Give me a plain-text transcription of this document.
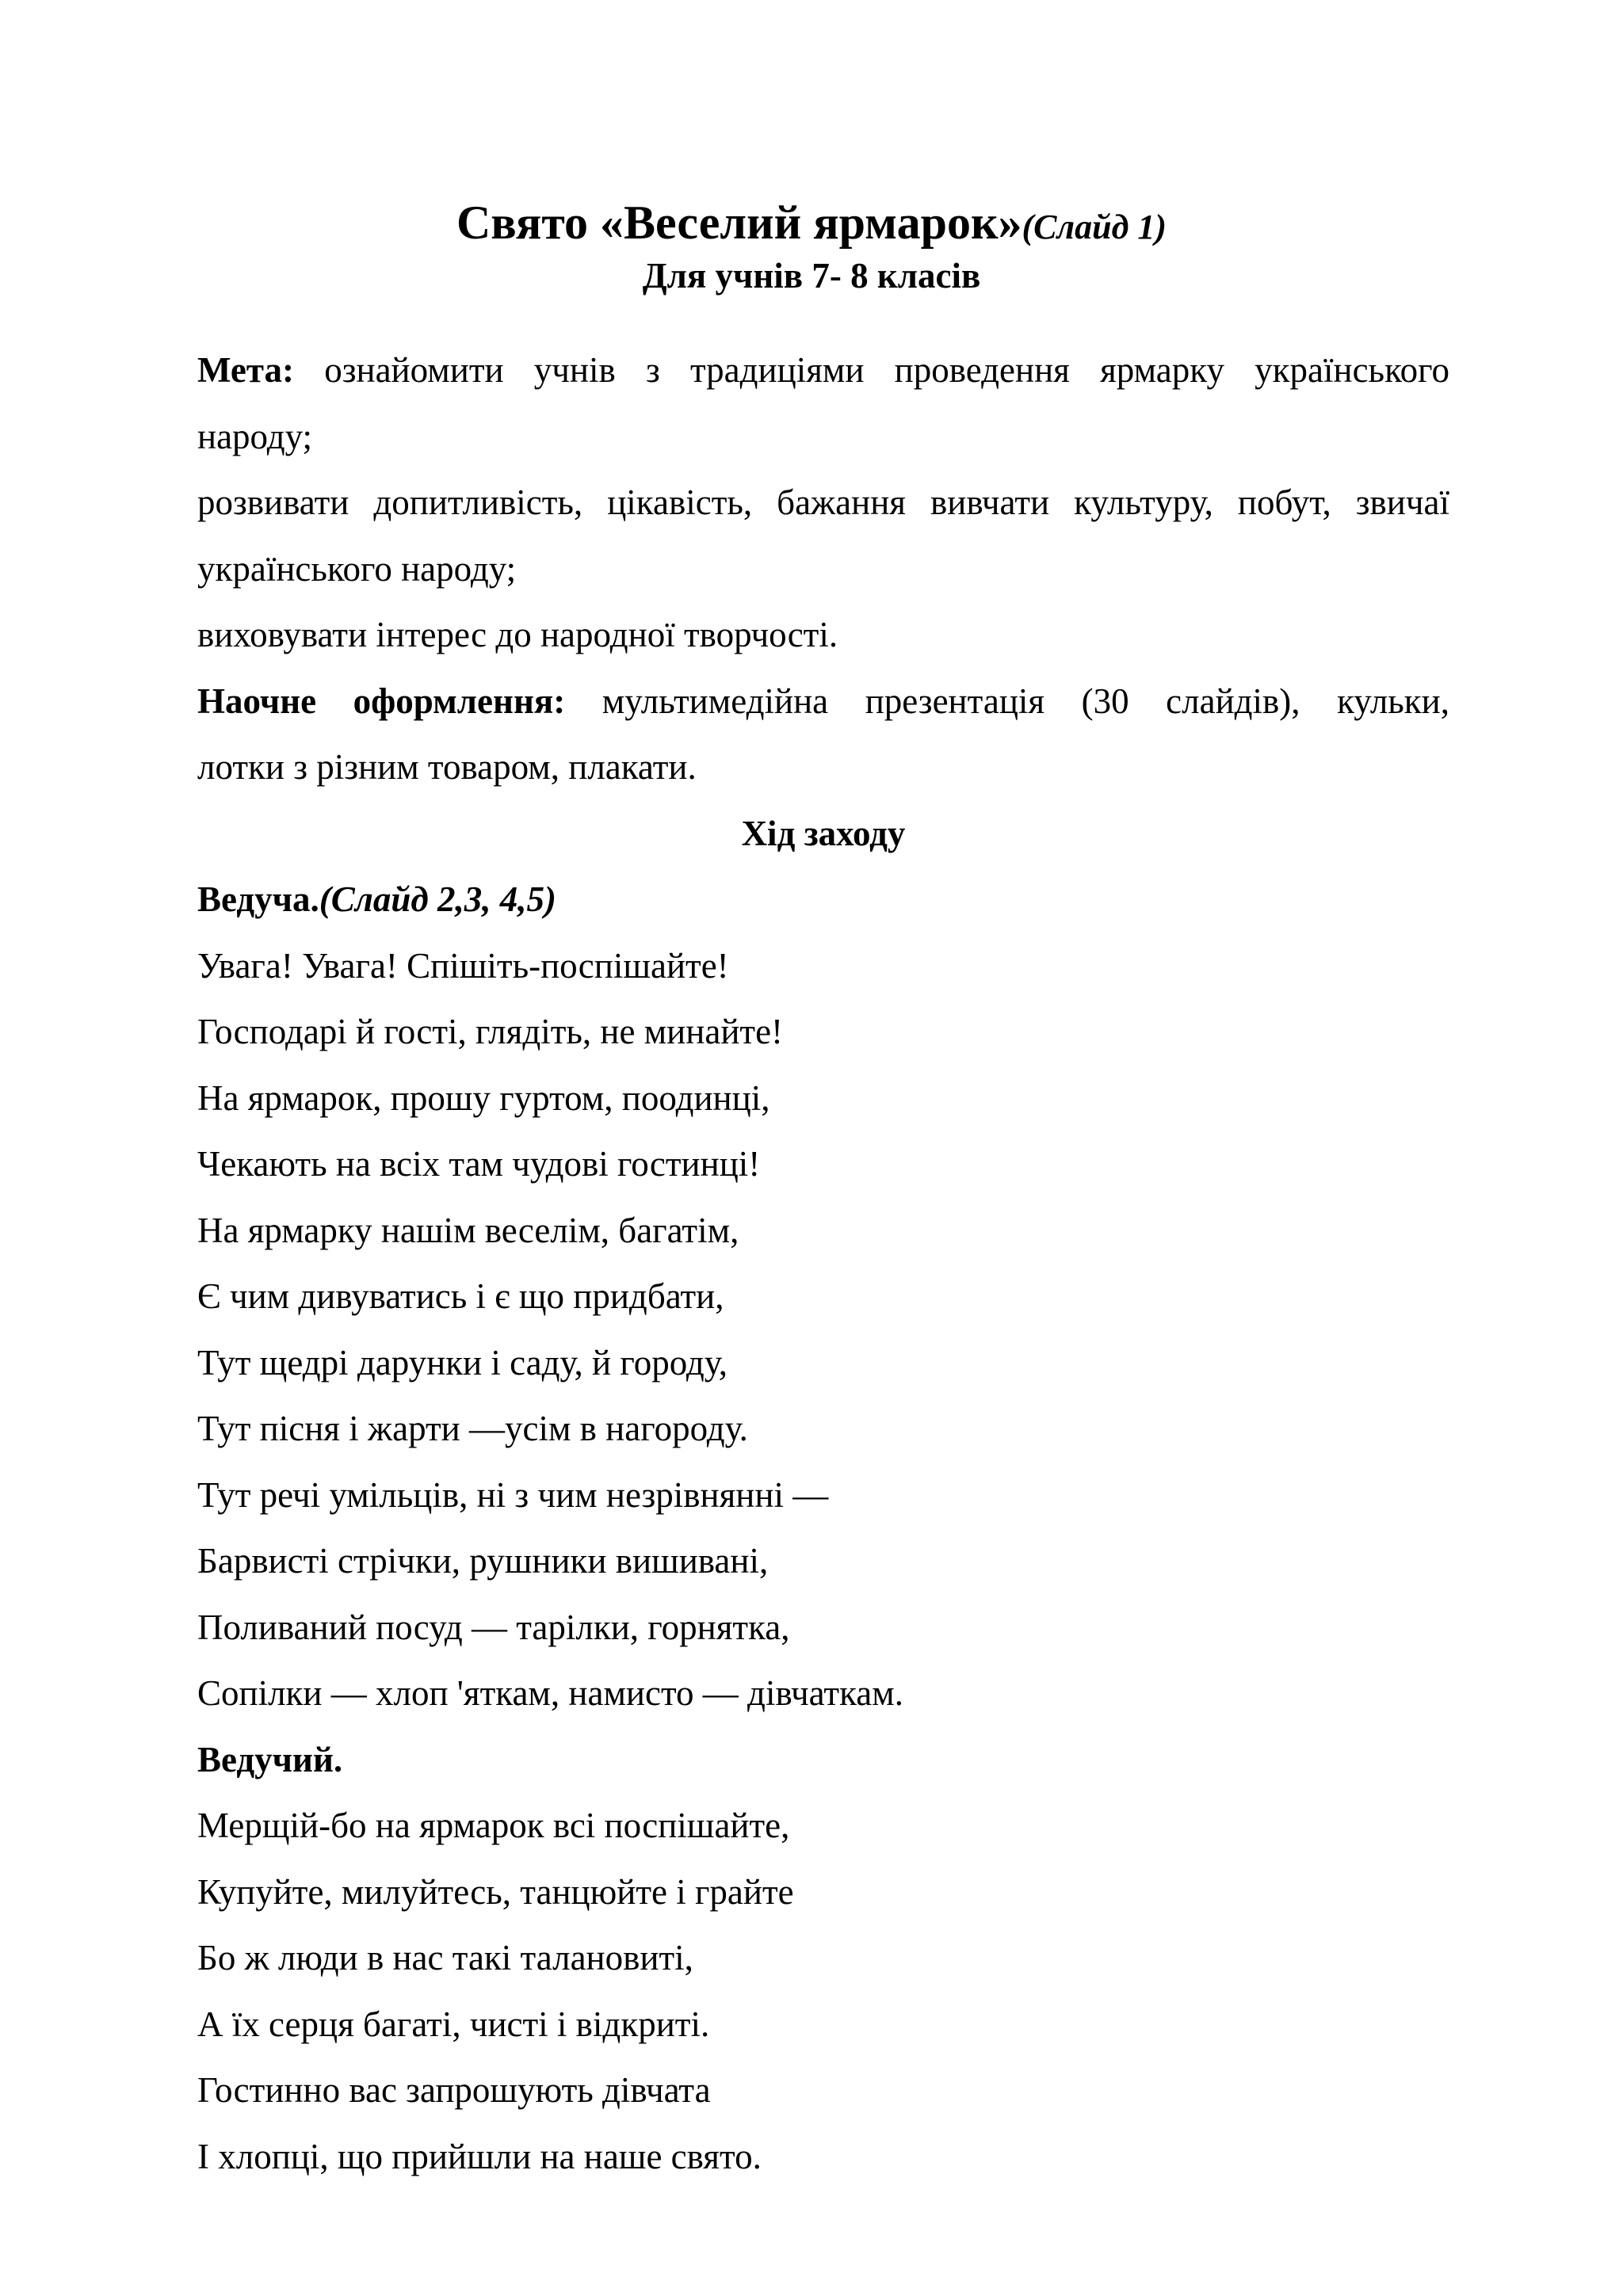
Свято «Веселий ярмарок»(Слайд 1)
Для учнів 7- 8 класів
Мета: ознайомити учнів з традиціями проведення ярмарку українського
народу;
розвивати допитливість, цікавість, бажання вивчати культуру, побут, звичаї
українського народу;
виховувати інтерес до народної творчості.
Наочне оформлення: мультимедійна презентація (30 слайдів), кульки,
лотки з різним товаром, плакати.
Хід заходу
Ведуча.(Слайд 2,3, 4,5)
Увага! Увага! Спішіть-поспішайте!
Господарі й гості, глядіть, не минайте!
На ярмарок, прошу гуртом, поодинці,
Чекають на всіх там чудові гостинці!
На ярмарку нашім веселім, багатім,
Є чим дивуватись і є що придбати,
Тут щедрі дарунки і саду, й городу,
Тут пісня і жарти —усім в нагороду.
Тут речі умільців, ні з чим незрівнянні —
Барвисті стрічки, рушники вишивані,
Поливаний посуд — тарілки, горнятка,
Сопілки — хлоп 'яткам, намисто — дівчаткам.
Ведучий.
Мерщій-бо на ярмарок всі поспішайте,
Купуйте, милуйтесь, танцюйте і грайте
Бо ж люди в нас такі талановиті,
А їх серця багаті, чисті і відкриті.
Гостинно вас запрошують дівчата
І хлопці, що прийшли на наше свято.
